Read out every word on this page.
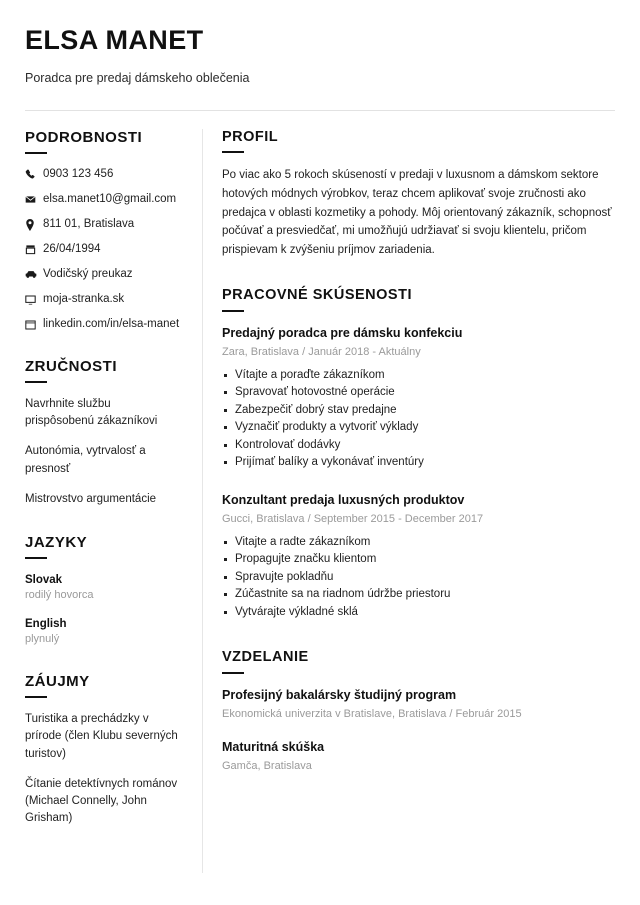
ELSA MANET

Poradca pre predaj dámskeho oblečenia

PODROBNOSTI
0903 123 456
elsa.manet10@gmail.com
811 01, Bratislava
26/04/1994
Vodičský preukaz
moja-stranka.sk
linkedin.com/in/elsa-manet
ZRUČNOSTI

Navrhnite službu prispôsobenú zákazníkovi

Autonómia, vytrvalosť a presnosť

Mistrovstvo argumentácie

JAZYKY
Slovak
rodilý hovorca
English
plynulý
ZÁUJMY

Turistika a prechádzky v prírode (člen Klubu severných turistov)

Čítanie detektívnych románov (Michael Connelly, John Grisham)

PROFIL

Po viac ako 5 rokoch skúseností v predaji v luxusnom a dámskom sektore hotových módnych výrobkov, teraz chcem aplikovať svoje zručnosti ako predajca v oblasti kozmetiky a pohody. Môj orientovaný zákazník, schopnosť počúvať a presviedčať, mi umožňujú udržiavať si svoju klientelu, pričom prispievam k zvýšeniu príjmov zariadenia.

PRACOVNÉ SKÚSENOSTI
Predajný poradca pre dámsku konfekciu

Zara, Bratislava / Január 2018 - Aktuálny

Vítajte a poraďte zákazníkom
Spravovať hotovostné operácie
Zabezpečiť dobrý stav predajne
Vyznačiť produkty a vytvoriť výklady
Kontrolovať dodávky
Prijímať balíky a vykonávať inventúry
Konzultant predaja luxusných produktov

Gucci, Bratislava / September 2015 - December 2017

Vitajte a radte zákazníkom
Propagujte značku klientom
Spravujte pokladňu
Zúčastnite sa na riadnom údržbe priestoru
Vytvárajte výkladné sklá
VZDELANIE
Profesijný bakalársky študijný program

Ekonomická univerzita v Bratislave, Bratislava / Február 2015

Maturitná skúška

Gamča, Bratislava
